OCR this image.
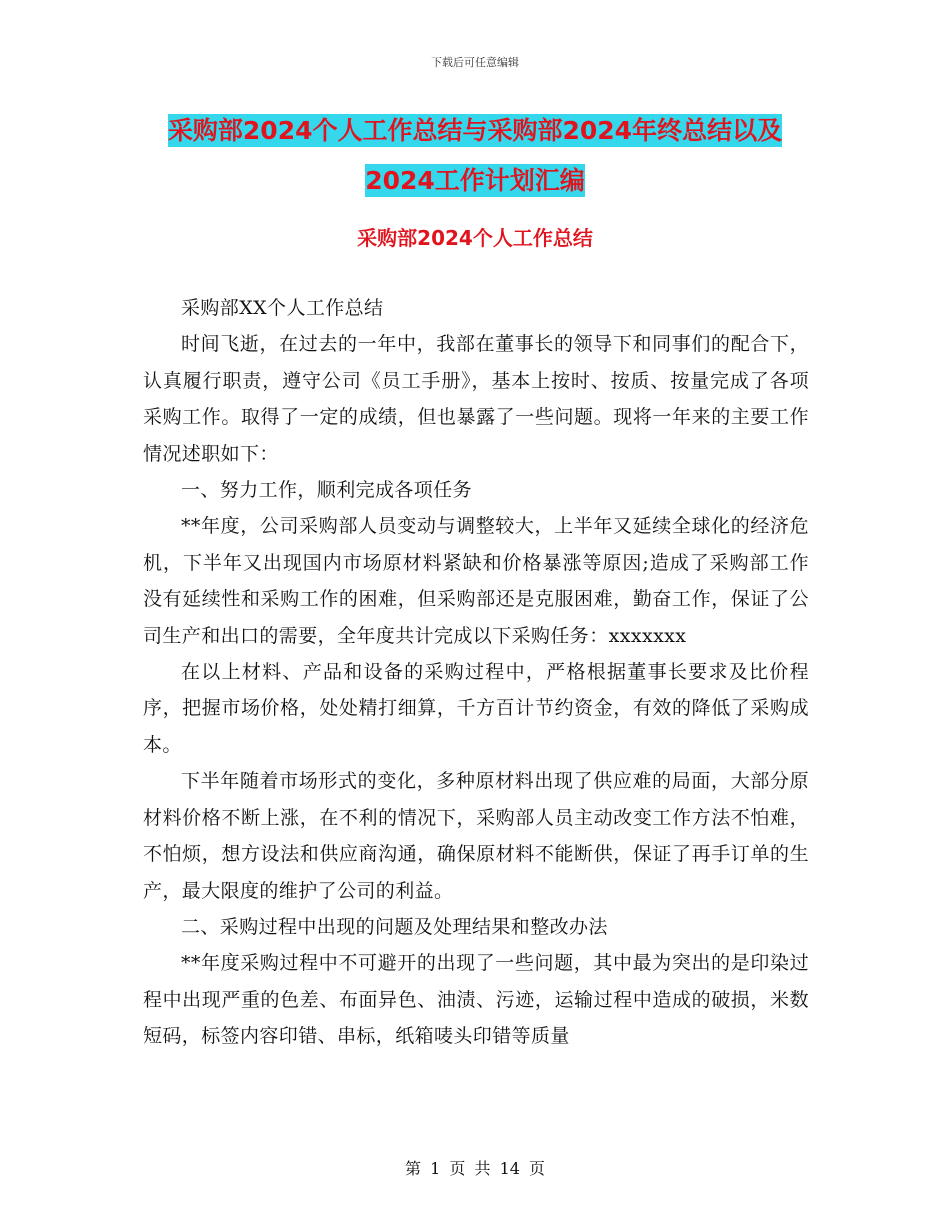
下载后可任意编辑
采购部2024个人工作总结与采购部2024年终总结以及2024工作计划汇编
采购部2024个人工作总结

采购部XX个人工作总结

时间飞逝，在过去的一年中，我部在董事长的领导下和同事们的配合下，认真履行职责，遵守公司《员工手册》，基本上按时、按质、按量完成了各项采购工作。取得了一定的成绩，但也暴露了一些问题。现将一年来的主要工作情况述职如下：

一、努力工作，顺利完成各项任务

**年度，公司采购部人员变动与调整较大，上半年又延续全球化的经济危机，下半年又出现国内市场原材料紧缺和价格暴涨等原因;造成了采购部工作没有延续性和采购工作的困难，但采购部还是克服困难，勤奋工作，保证了公司生产和出口的需要，全年度共计完成以下采购任务：xxxxxxx

在以上材料、产品和设备的采购过程中，严格根据董事长要求及比价程序，把握市场价格，处处精打细算，千方百计节约资金，有效的降低了采购成本。

下半年随着市场形式的变化，多种原材料出现了供应难的局面，大部分原材料价格不断上涨，在不利的情况下，采购部人员主动改变工作方法不怕难，不怕烦，想方设法和供应商沟通，确保原材料不能断供，保证了再手订单的生产，最大限度的维护了公司的利益。

二、采购过程中出现的问题及处理结果和整改办法

**年度采购过程中不可避开的出现了一些问题，其中最为突出的是印染过程中出现严重的色差、布面异色、油渍、污迹，运输过程中造成的破损，米数短码，标签内容印错、串标，纸箱唛头印错等质量

第 1 页 共 14 页
